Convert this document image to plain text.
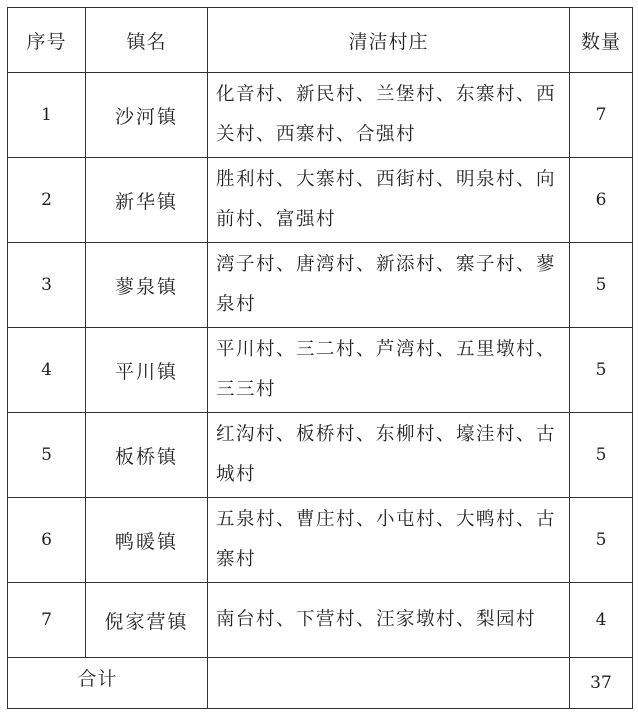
序号	镇名	清洁村庄	数量
1	沙河镇	化音村、新民村、兰堡村、东寨村、西关村、西寨村、合强村	7
2	新华镇	胜利村、大寨村、西街村、明泉村、向前村、富强村	6
3	蓼泉镇	湾子村、唐湾村、新添村、寨子村、蓼泉村	5
4	平川镇	平川村、三二村、芦湾村、五里墩村、三三村	5
5	板桥镇	红沟村、板桥村、东柳村、壕洼村、古城村	5
6	鸭暖镇	五泉村、曹庄村、小屯村、大鸭村、古寨村	5
7	倪家营镇	南台村、下营村、汪家墩村、梨园村	4
合计			37
